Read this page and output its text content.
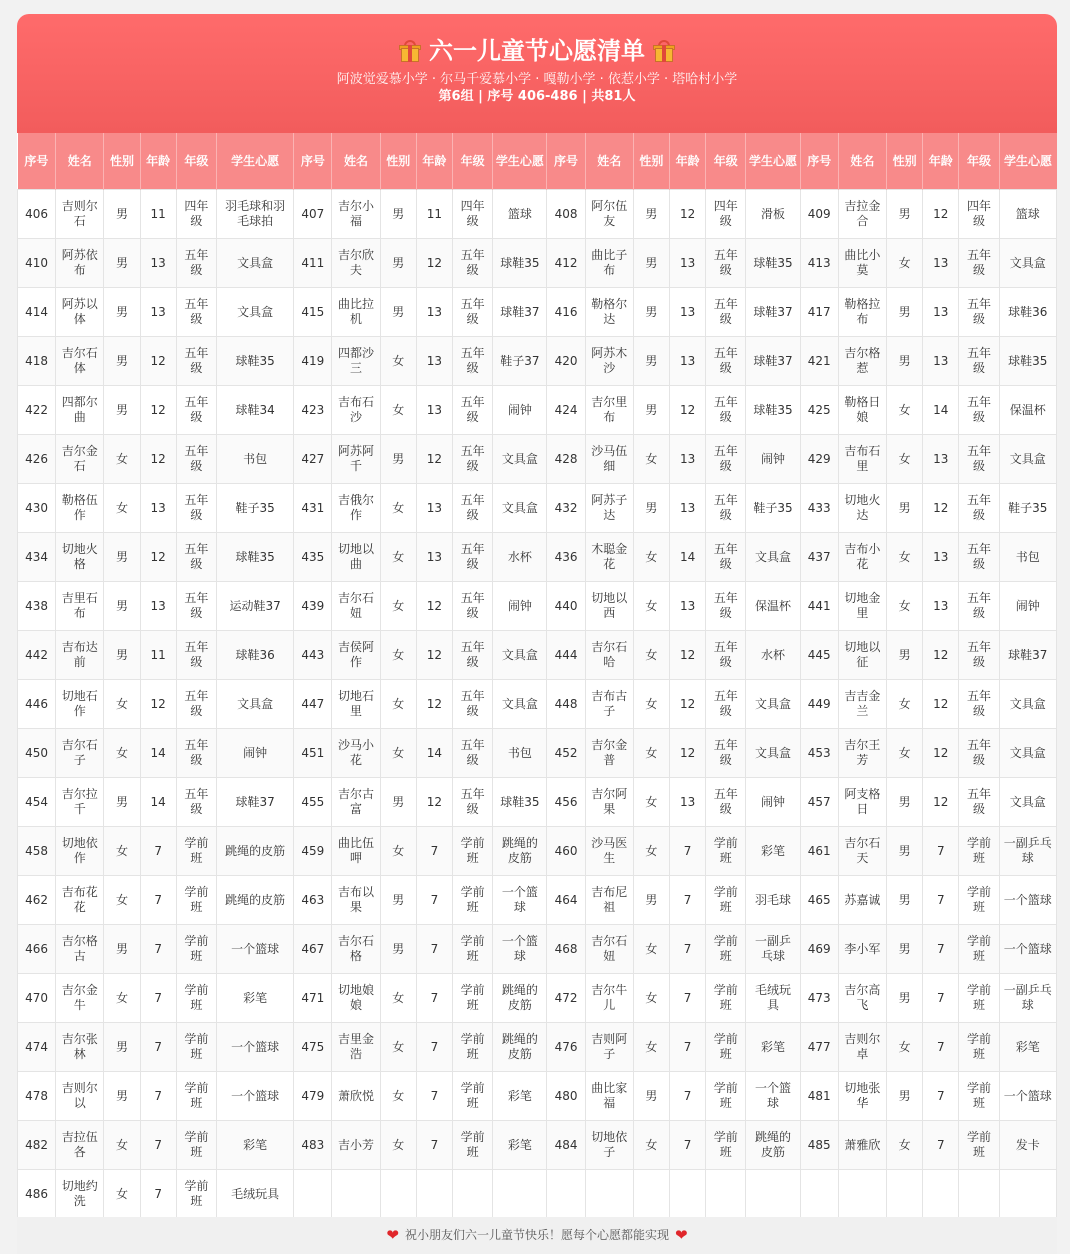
六一儿童节心愿清单
阿波觉爱慕小学 · 尔马千爱慕小学 · 嘎勒小学 · 依惹小学 · 塔哈村小学
第6组 | 序号 406-486 | 共81人
序号	姓名	性别	年龄	年级	学生心愿	序号	姓名	性别	年龄	年级	学生心愿	序号	姓名	性别	年龄	年级	学生心愿	序号	姓名	性别	年龄	年级	学生心愿
406	吉则尔石	男	11	四年级	羽毛球和羽毛球拍	407	吉尔小福	男	11	四年级	篮球	408	阿尔伍友	男	12	四年级	滑板	409	吉拉金合	男	12	四年级	篮球
410	阿苏依布	男	13	五年级	文具盒	411	吉尔欣夫	男	12	五年级	球鞋35	412	曲比子布	男	13	五年级	球鞋35	413	曲比小莫	女	13	五年级	文具盒
414	阿苏以体	男	13	五年级	文具盒	415	曲比拉机	男	13	五年级	球鞋37	416	勒格尔达	男	13	五年级	球鞋37	417	勒格拉布	男	13	五年级	球鞋36
418	吉尔石体	男	12	五年级	球鞋35	419	四都沙三	女	13	五年级	鞋子37	420	阿苏木沙	男	13	五年级	球鞋37	421	吉尔格惹	男	13	五年级	球鞋35
422	四都尔曲	男	12	五年级	球鞋34	423	吉布石沙	女	13	五年级	闹钟	424	吉尔里布	男	12	五年级	球鞋35	425	勒格日娘	女	14	五年级	保温杯
426	吉尔金石	女	12	五年级	书包	427	阿苏阿千	男	12	五年级	文具盒	428	沙马伍细	女	13	五年级	闹钟	429	吉布石里	女	13	五年级	文具盒
430	勒格伍作	女	13	五年级	鞋子35	431	吉俄尔作	女	13	五年级	文具盒	432	阿苏子达	男	13	五年级	鞋子35	433	切地火达	男	12	五年级	鞋子35
434	切地火格	男	12	五年级	球鞋35	435	切地以曲	女	13	五年级	水杯	436	木聪金花	女	14	五年级	文具盒	437	吉布小花	女	13	五年级	书包
438	吉里石布	男	13	五年级	运动鞋37	439	吉尔石妞	女	12	五年级	闹钟	440	切地以西	女	13	五年级	保温杯	441	切地金里	女	13	五年级	闹钟
442	吉布达前	男	11	五年级	球鞋36	443	吉侯阿作	女	12	五年级	文具盒	444	吉尔石哈	女	12	五年级	水杯	445	切地以征	男	12	五年级	球鞋37
446	切地石作	女	12	五年级	文具盒	447	切地石里	女	12	五年级	文具盒	448	吉布古子	女	12	五年级	文具盒	449	吉吉金兰	女	12	五年级	文具盒
450	吉尔石子	女	14	五年级	闹钟	451	沙马小花	女	14	五年级	书包	452	吉尔金普	女	12	五年级	文具盒	453	吉尔王芳	女	12	五年级	文具盒
454	吉尔拉千	男	14	五年级	球鞋37	455	吉尔古富	男	12	五年级	球鞋35	456	吉尔阿果	女	13	五年级	闹钟	457	阿支格日	男	12	五年级	文具盒
458	切地依作	女	7	学前班	跳绳的皮筋	459	曲比伍呷	女	7	学前班	跳绳的皮筋	460	沙马医生	女	7	学前班	彩笔	461	吉尔石天	男	7	学前班	一副乒乓球
462	吉布花花	女	7	学前班	跳绳的皮筋	463	吉布以果	男	7	学前班	一个篮球	464	吉布尼祖	男	7	学前班	羽毛球	465	苏嘉诚	男	7	学前班	一个篮球
466	吉尔格古	男	7	学前班	一个篮球	467	吉尔石格	男	7	学前班	一个篮球	468	吉尔石妞	女	7	学前班	一副乒乓球	469	李小军	男	7	学前班	一个篮球
470	吉尔金牛	女	7	学前班	彩笔	471	切地娘娘	女	7	学前班	跳绳的皮筋	472	吉尔牛儿	女	7	学前班	毛绒玩具	473	吉尔高飞	男	7	学前班	一副乒乓球
474	吉尔张林	男	7	学前班	一个篮球	475	吉里金浩	女	7	学前班	跳绳的皮筋	476	吉则阿子	女	7	学前班	彩笔	477	吉则尔卓	女	7	学前班	彩笔
478	吉则尔以	男	7	学前班	一个篮球	479	萧欣悦	女	7	学前班	彩笔	480	曲比家福	男	7	学前班	一个篮球	481	切地张华	男	7	学前班	一个篮球
482	吉拉伍各	女	7	学前班	彩笔	483	吉小芳	女	7	学前班	彩笔	484	切地依子	女	7	学前班	跳绳的皮筋	485	萧雅欣	女	7	学前班	发卡
486	切地约洗	女	7	学前班	毛绒玩具																		
❤ 祝小朋友们六一儿童节快乐！愿每个心愿都能实现 ❤
